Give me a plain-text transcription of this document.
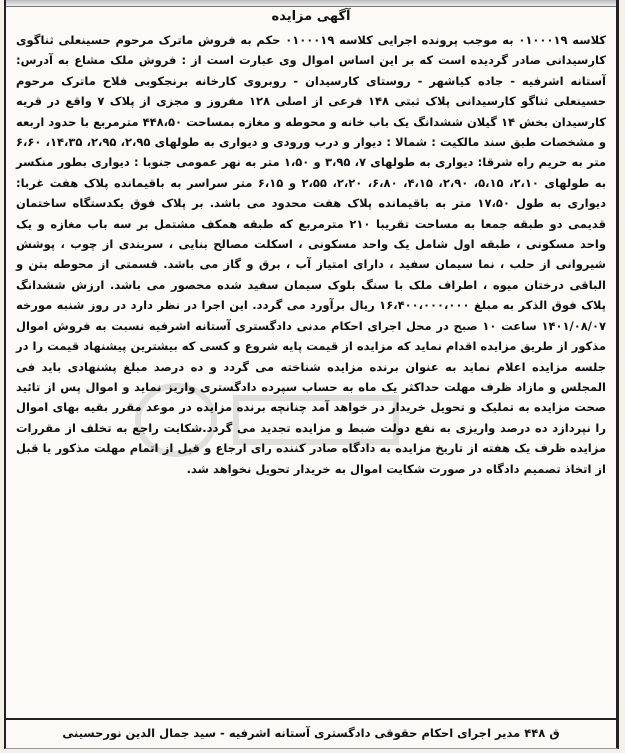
آگهی مزایده

کلاسه ۰۱۰۰۰۱۹ به موجب پرونده اجرایی کلاسه ۰۱۰۰۰۱۹ حکم به فروش ماترک مرحوم حسینعلی ثناگوی کارسیدانی صادر گردیده است که بر این اساس اموال وی عبارت است از : فروش ملک مشاع به آدرس: آستانه اشرفیه - جاده کیاشهر - روستای کارسیدان - روبروی کارخانه برنجکوبی فلاح ماترک مرحوم حسینعلی ثناگو کارسیدانی پلاک ثبتی ۱۴۸ فرعی از اصلی ۱۲۸ مفروز و مجزی از پلاک ۷ واقع در قریه کارسیدان بخش ۱۴ گیلان ششدانگ یک باب خانه و محوطه و مغازه بمساحت ۴۴۸،۵۰ مترمربع با حدود اربعه و مشخصات طبق سند مالکیت : شمالا : دیوار و درب ورودی و دیواری به طولهای ۲،۹۵، ۲،۹۵، ۱۴،۳۵، ۶،۶۰ متر به حریم راه شرقا: دیواری به طولهای ۷، ۳،۹۵ و ۱،۵۰ متر به نهر عمومی جنوبا : دیواری بطور منکسر به طولهای ۲،۱۰، ۵،۱۵، ۲،۹۰، ۴،۱۵، ۶،۸۰، ۲،۲۰، ۲،۵۵ و ۶،۱۵ متر سراسر به باقیمانده پلاک هفت غربا: دیواری به طول ۱۷،۵۰ متر به باقیمانده پلاک هفت محدود می باشد. بر پلاک فوق یکدستگاه ساختمان قدیمی دو طبقه جمعا به مساحت تقریبا ۲۱۰ مترمربع که طبقه همکف مشتمل بر سه باب مغازه و یک واحد مسکونی ، طبقه اول شامل یک واحد مسکونی ، اسکلت مصالح بنایی ، سربندی از چوب ، پوشش شیروانی از حلب ، نما سیمان سفید ، دارای امتیاز آب ، برق و گاز می باشد. قسمتی از محوطه بتن و الباقی درختان میوه ، اطراف ملک با سنگ بلوک سیمان سفید شده محصور می باشد. ارزش ششدانگ پلاک فوق الذکر به مبلغ ۱۶،۴۰۰،۰۰۰،۰۰۰ ریال برآورد می گردد. این اجرا در نظر دارد در روز شنبه مورخه ۱۴۰۱/۰۸/۰۷ ساعت ۱۰ صبح در محل اجرای احکام مدنی دادگستری آستانه اشرفیه نسبت به فروش اموال مذکور از طریق مزایده اقدام نماید که مزایده از قیمت پایه شروع و کسی که بیشترین پیشنهاد قیمت را در جلسه مزایده اعلام نماید به عنوان برنده مزایده شناخته می گردد و ده درصد مبلغ پشنهادی باید فی المجلس و مازاد ظرف مهلت حداکثر یک ماه به حساب سپرده دادگستری واریز نماید و اموال پس از تائید صحت مزایده به تملیک و تحویل خریدار در خواهد آمد چنانچه برنده مزایده در موعد مقرر بقیه بهای اموال را نپردازد ده درصد واریزی به نفع دولت ضبط و مزایده تجدید می گردد.شکایت راجع به تخلف از مقررات مزایده ظرف یک هفته از تاریخ مزایده به دادگاه صادر کننده رای ارجاع و قبل از اتمام مهلت مذکور یا قبل از اتخاذ تصمیم دادگاه در صورت شکایت اموال به خریدار تحویل نخواهد شد.

ق ۴۴۸ مدیر اجرای احکام حقوقی دادگستری آستانه اشرفیه - سید جمال الدین نورحسینی
